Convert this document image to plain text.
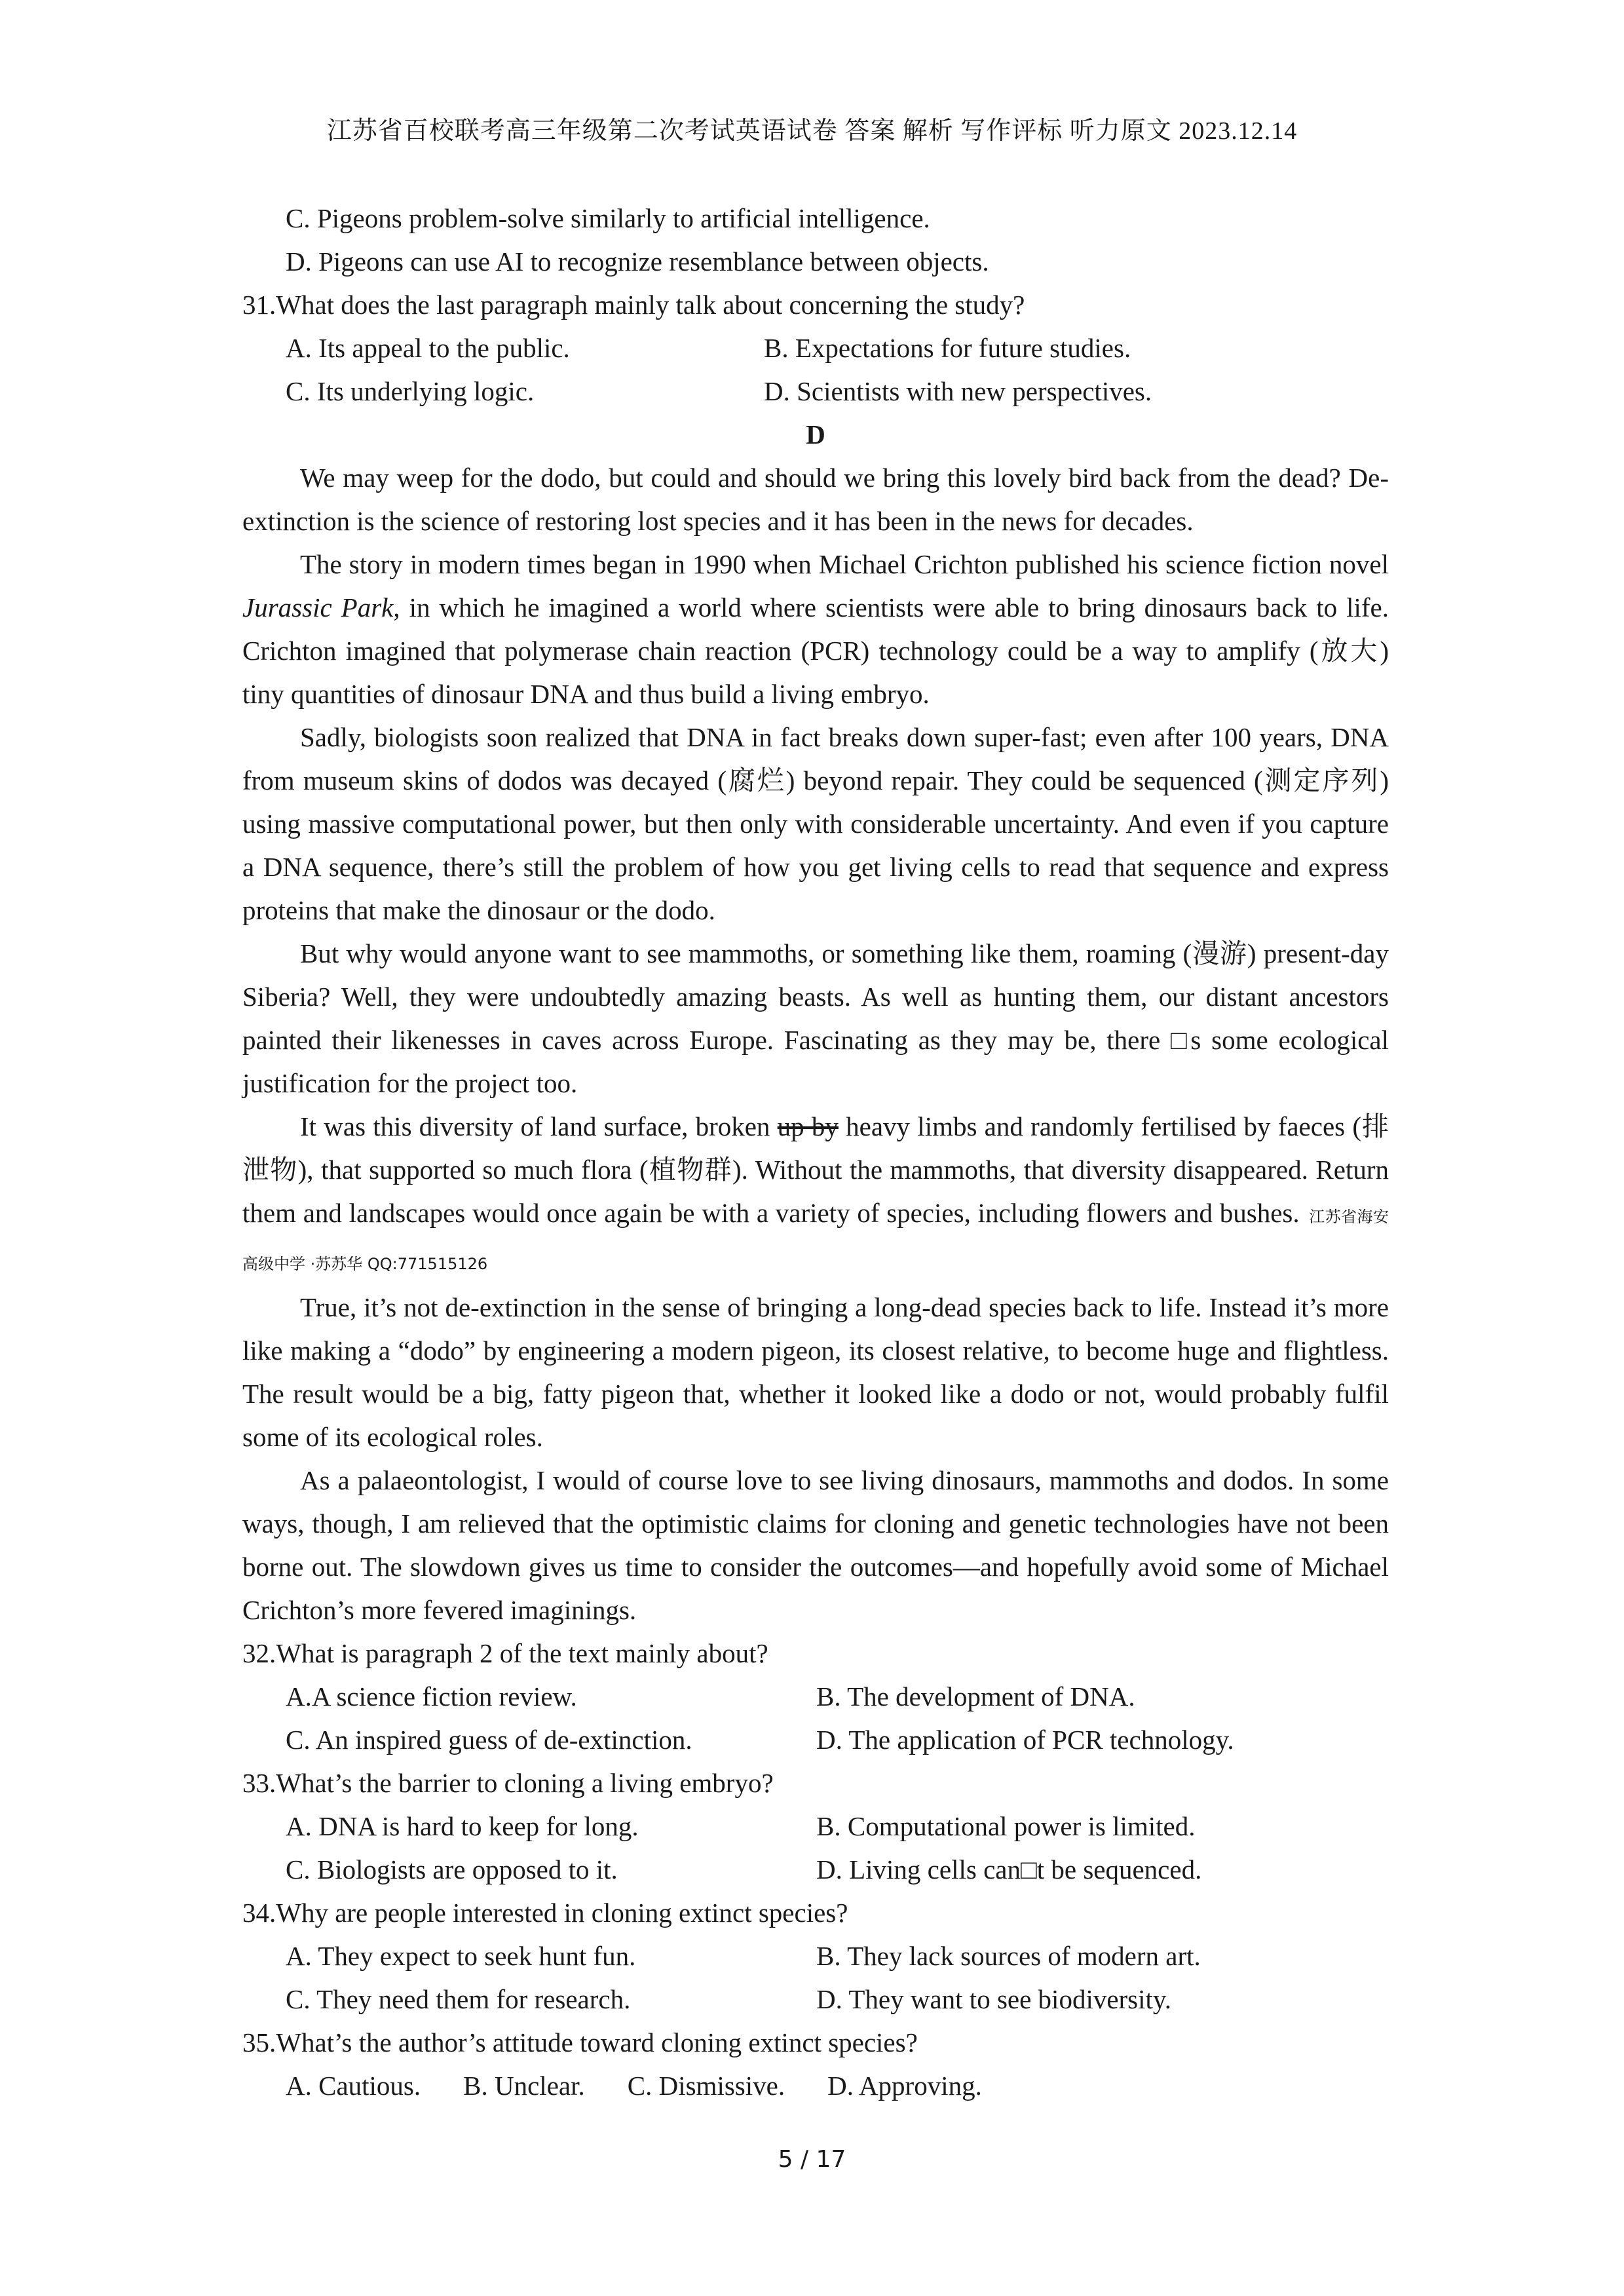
江苏省百校联考高三年级第二次考试英语试卷 答案 解析 写作评标 听力原文 2023.12.14
C. Pigeons problem-solve similarly to artificial intelligence.
D. Pigeons can use AI to recognize resemblance between objects.
31.What does the last paragraph mainly talk about concerning the study?
A. Its appeal to the public.	B. Expectations for future studies.
C. Its underlying logic.	D. Scientists with new perspectives.
D

We may weep for the dodo, but could and should we bring this lovely bird back from the dead? De-extinction is the science of restoring lost species and it has been in the news for decades.

The story in modern times began in 1990 when Michael Crichton published his science fiction novel Jurassic Park, in which he imagined a world where scientists were able to bring dinosaurs back to life. Crichton imagined that polymerase chain reaction (PCR) technology could be a way to amplify (放大) tiny quantities of dinosaur DNA and thus build a living embryo.

Sadly, biologists soon realized that DNA in fact breaks down super-fast; even after 100 years, DNA from museum skins of dodos was decayed (腐烂) beyond repair. They could be sequenced (测定序列) using massive computational power, but then only with considerable uncertainty. And even if you capture a DNA sequence, there’s still the problem of how you get living cells to read that sequence and express proteins that make the dinosaur or the dodo.

But why would anyone want to see mammoths, or something like them, roaming (漫游) present-day Siberia? Well, they were undoubtedly amazing beasts. As well as hunting them, our distant ancestors painted their likenesses in caves across Europe. Fascinating as they may be, there □s some ecological justification for the project too.

It was this diversity of land surface, broken up by heavy limbs and randomly fertilised by faeces (排泄物), that supported so much flora (植物群). Without the mammoths, that diversity disappeared. Return them and landscapes would once again be with a variety of species, including flowers and bushes. 江苏省海安高级中学 ·苏苏华 QQ:771515126

True, it’s not de-extinction in the sense of bringing a long-dead species back to life. Instead it’s more like making a “dodo” by engineering a modern pigeon, its closest relative, to become huge and flightless. The result would be a big, fatty pigeon that, whether it looked like a dodo or not, would probably fulfil some of its ecological roles.

As a palaeontologist, I would of course love to see living dinosaurs, mammoths and dodos. In some ways, though, I am relieved that the optimistic claims for cloning and genetic technologies have not been borne out. The slowdown gives us time to consider the outcomes—and hopefully avoid some of Michael Crichton’s more fevered imaginings.

32.What is paragraph 2 of the text mainly about?
A.A science fiction review.	B. The development of DNA.
C. An inspired guess of de-extinction.	D. The application of PCR technology.
33.What’s the barrier to cloning a living embryo?
A. DNA is hard to keep for long.	B. Computational power is limited.
C. Biologists are opposed to it.	D. Living cells can□t be sequenced.
34.Why are people interested in cloning extinct species?
A. They expect to seek hunt fun.	B. They lack sources of modern art.
C. They need them for research.	D. They want to see biodiversity.
35.What’s the author’s attitude toward cloning extinct species?
A. Cautious. B. Unclear. C. Dismissive. D. Approving.
5 / 17
